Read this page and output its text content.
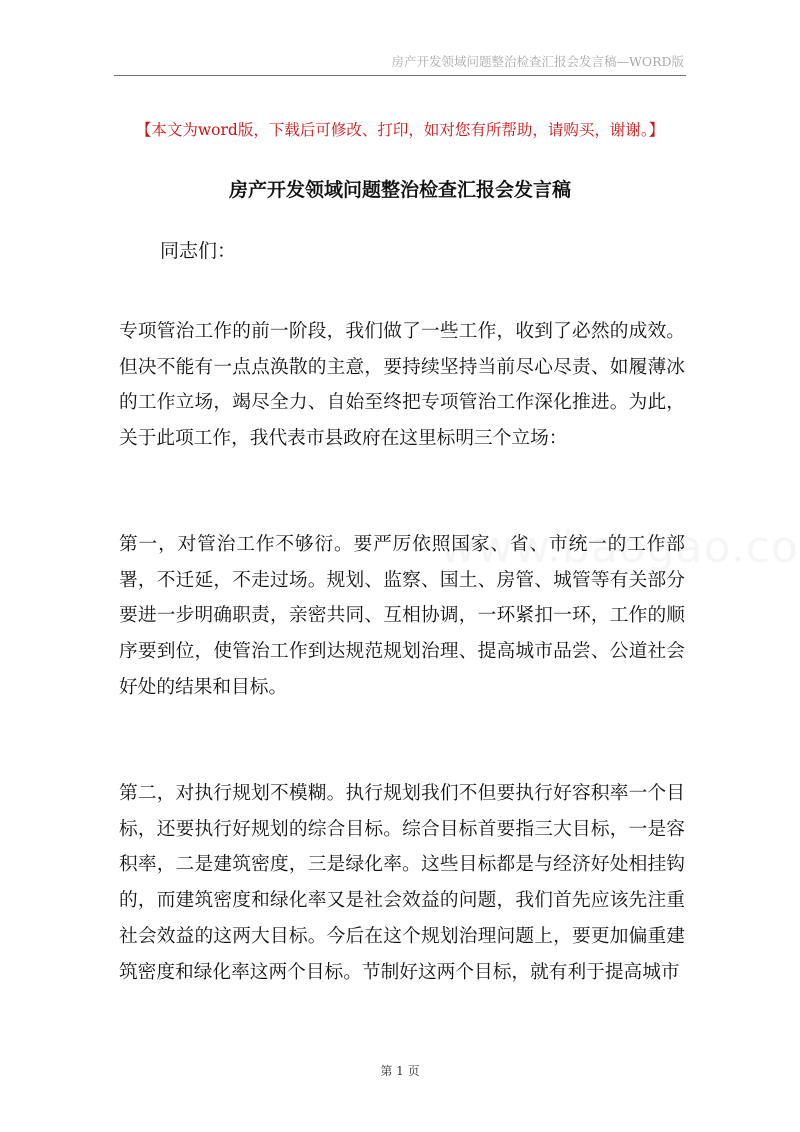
房产开发领域问题整治检查汇报会发言稿—WORD版
【本文为word版，下载后可修改、打印，如对您有所帮助，请购买，谢谢。】
房产开发领域问题整治检查汇报会发言稿
同志们：

专项管治工作的前一阶段，我们做了一些工作，收到了必然的成效。但决不能有一点点涣散的主意，要持续坚持当前尽心尽责、如履薄冰的工作立场，竭尽全力、自始至终把专项管治工作深化推进。为此，关于此项工作，我代表市县政府在这里标明三个立场：

第一，对管治工作不够衍。要严厉依照国家、省、市统一的工作部署，不迁延，不走过场。规划、监察、国土、房管、城管等有关部分要进一步明确职责，亲密共同、互相协调，一环紧扣一环，工作的顺序要到位，使管治工作到达规范规划治理、提高城市品尝、公道社会好处的结果和目标。

第二，对执行规划不模糊。执行规划我们不但要执行好容积率一个目标，还要执行好规划的综合目标。综合目标首要指三大目标，一是容积率，二是建筑密度，三是绿化率。这些目标都是与经济好处相挂钩的，而建筑密度和绿化率又是社会效益的问题，我们首先应该先注重社会效益的这两大目标。今后在这个规划治理问题上，要更加偏重建筑密度和绿化率这两个目标。节制好这两个目标，就有利于提高城市

第 1 页
